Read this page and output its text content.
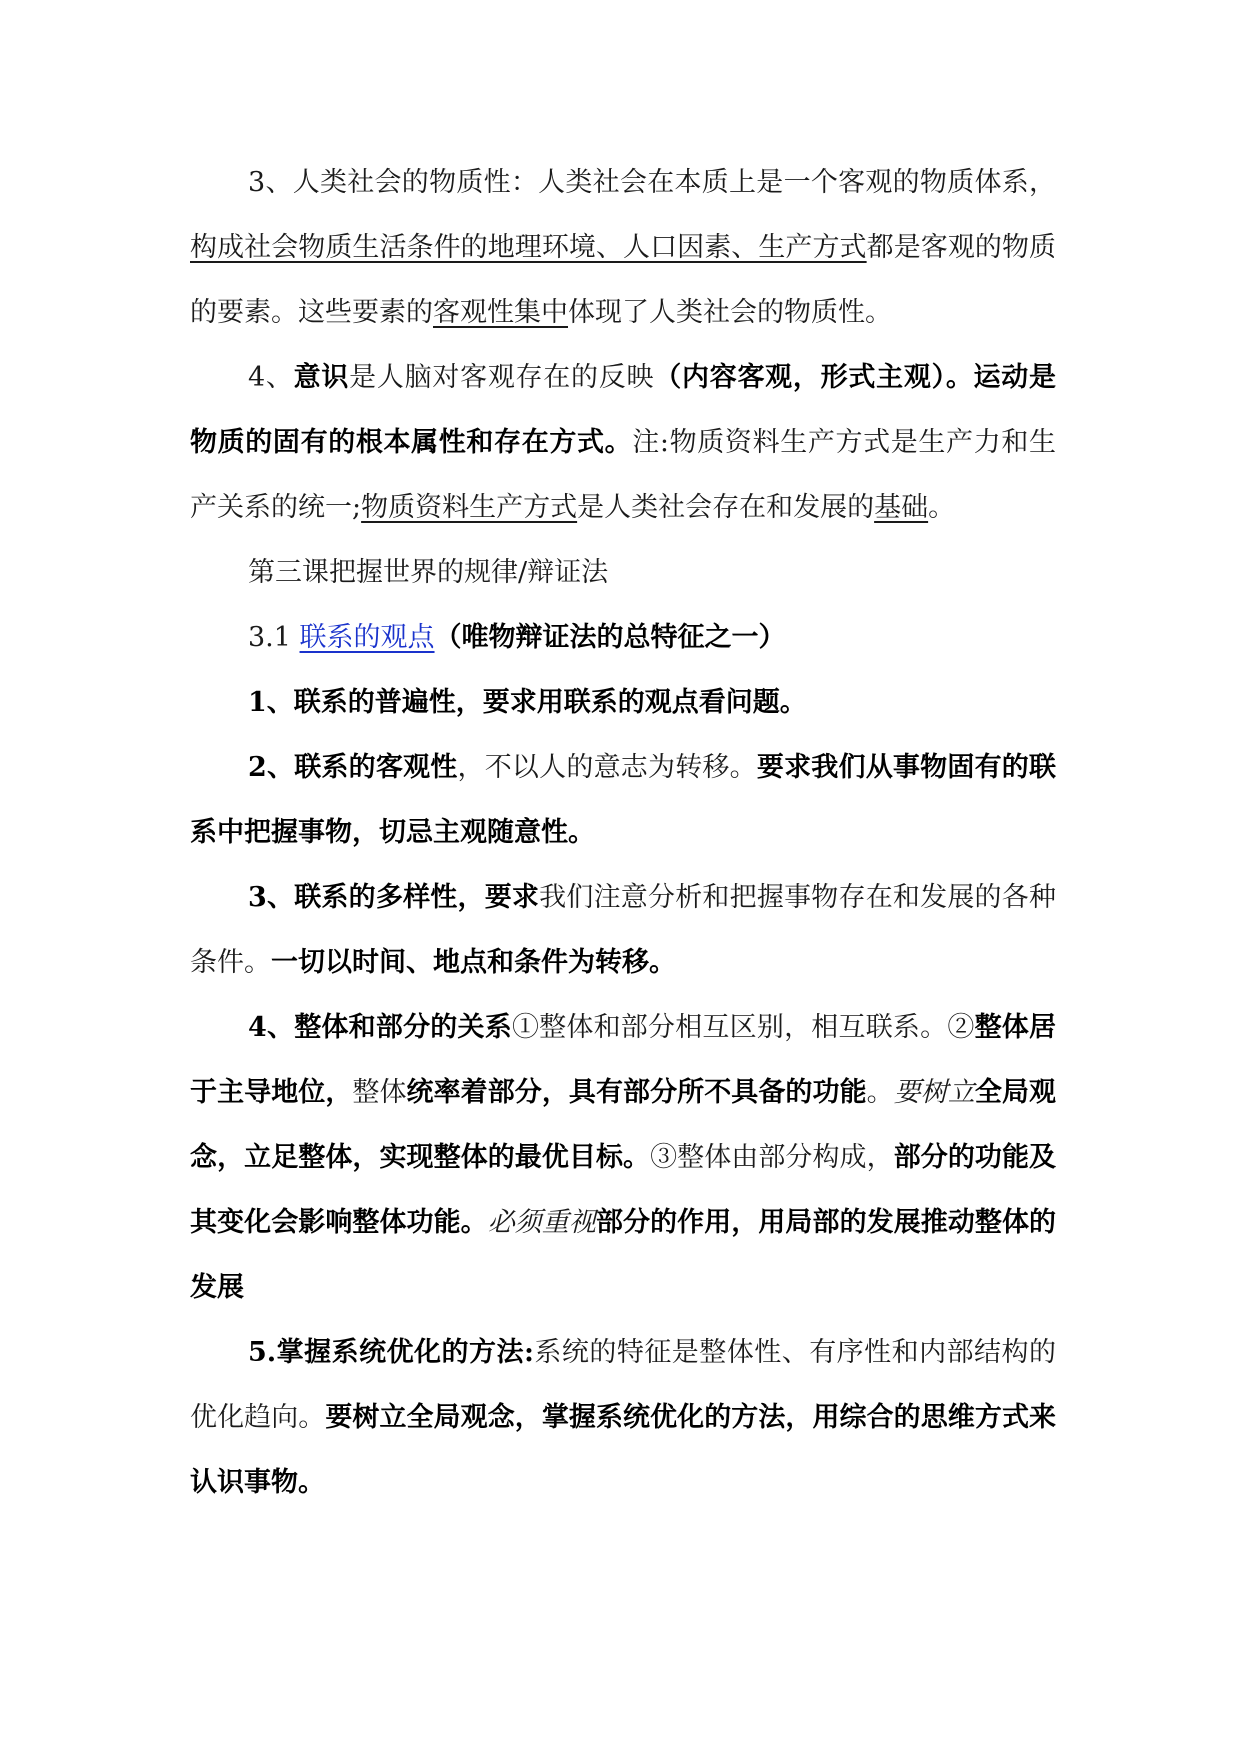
3、人类社会的物质性：人类社会在本质上是一个客观的物质体系，构成社会物质生活条件的地理环境、人口因素、生产方式都是客观的物质的要素。这些要素的客观性集中体现了人类社会的物质性。

4、意识是人脑对客观存在的反映（内容客观，形式主观）。运动是物质的固有的根本属性和存在方式。注:物质资料生产方式是生产力和生产关系的统一;物质资料生产方式是人类社会存在和发展的基础。

第三课把握世界的规律/辩证法

3.1 联系的观点（唯物辩证法的总特征之一）

1、联系的普遍性，要求用联系的观点看问题。

2、联系的客观性，不以人的意志为转移。要求我们从事物固有的联系中把握事物，切忌主观随意性。

3、联系的多样性，要求我们注意分析和把握事物存在和发展的各种条件。一切以时间、地点和条件为转移。

4、整体和部分的关系①整体和部分相互区别，相互联系。②整体居于主导地位，整体统率着部分，具有部分所不具备的功能。要树立全局观念，立足整体，实现整体的最优目标。③整体由部分构成，部分的功能及其变化会影响整体功能。必须重视部分的作用，用局部的发展推动整体的发展

5.掌握系统优化的方法:系统的特征是整体性、有序性和内部结构的优化趋向。要树立全局观念，掌握系统优化的方法，用综合的思维方式来认识事物。
